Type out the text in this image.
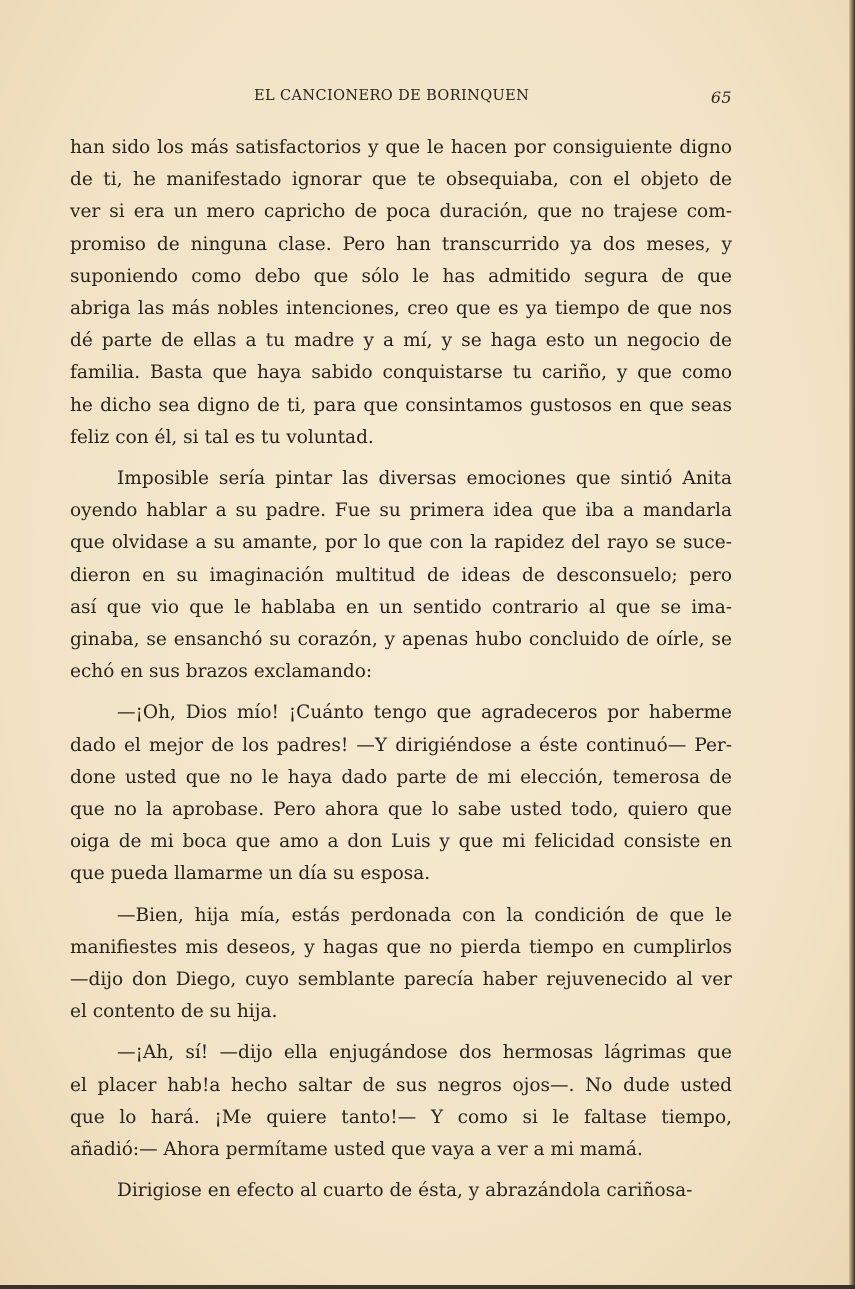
EL CANCIONERO DE BORINQUEN	65

han sido los más satisfactorios y que le hacen por consiguiente digno
de ti, he manifestado ignorar que te obsequiaba, con el objeto de
ver si era un mero capricho de poca duración, que no trajese com-
promiso de ninguna clase. Pero han transcurrido ya dos meses, y
suponiendo como debo que sólo le has admitido segura de que
abriga las más nobles intenciones, creo que es ya tiempo de que nos
dé parte de ellas a tu madre y a mí, y se haga esto un negocio de
familia. Basta que haya sabido conquistarse tu cariño, y que como
he dicho sea digno de ti, para que consintamos gustosos en que seas
feliz con él, si tal es tu voluntad.

Imposible sería pintar las diversas emociones que sintió Anita
oyendo hablar a su padre. Fue su primera idea que iba a mandarla
que olvidase a su amante, por lo que con la rapidez del rayo se suce-
dieron en su imaginación multitud de ideas de desconsuelo; pero
así que vio que le hablaba en un sentido contrario al que se ima-
ginaba, se ensanchó su corazón, y apenas hubo concluido de oírle, se
echó en sus brazos exclamando:

—¡Oh, Dios mío! ¡Cuánto tengo que agradeceros por haberme
dado el mejor de los padres! —Y dirigiéndose a éste continuó— Per-
done usted que no le haya dado parte de mi elección, temerosa de
que no la aprobase. Pero ahora que lo sabe usted todo, quiero que
oiga de mi boca que amo a don Luis y que mi felicidad consiste en
que pueda llamarme un día su esposa.

—Bien, hija mía, estás perdonada con la condición de que le
manifiestes mis deseos, y hagas que no pierda tiempo en cumplirlos
—dijo don Diego, cuyo semblante parecía haber rejuvenecido al ver
el contento de su hija.

—¡Ah, sí! —dijo ella enjugándose dos hermosas lágrimas que
el placer hab!a hecho saltar de sus negros ojos—. No dude usted
que lo hará. ¡Me quiere tanto!— Y como si le faltase tiempo,
añadió:— Ahora permítame usted que vaya a ver a mi mamá.

Dirigiose en efecto al cuarto de ésta, y abrazándola cariñosa-
